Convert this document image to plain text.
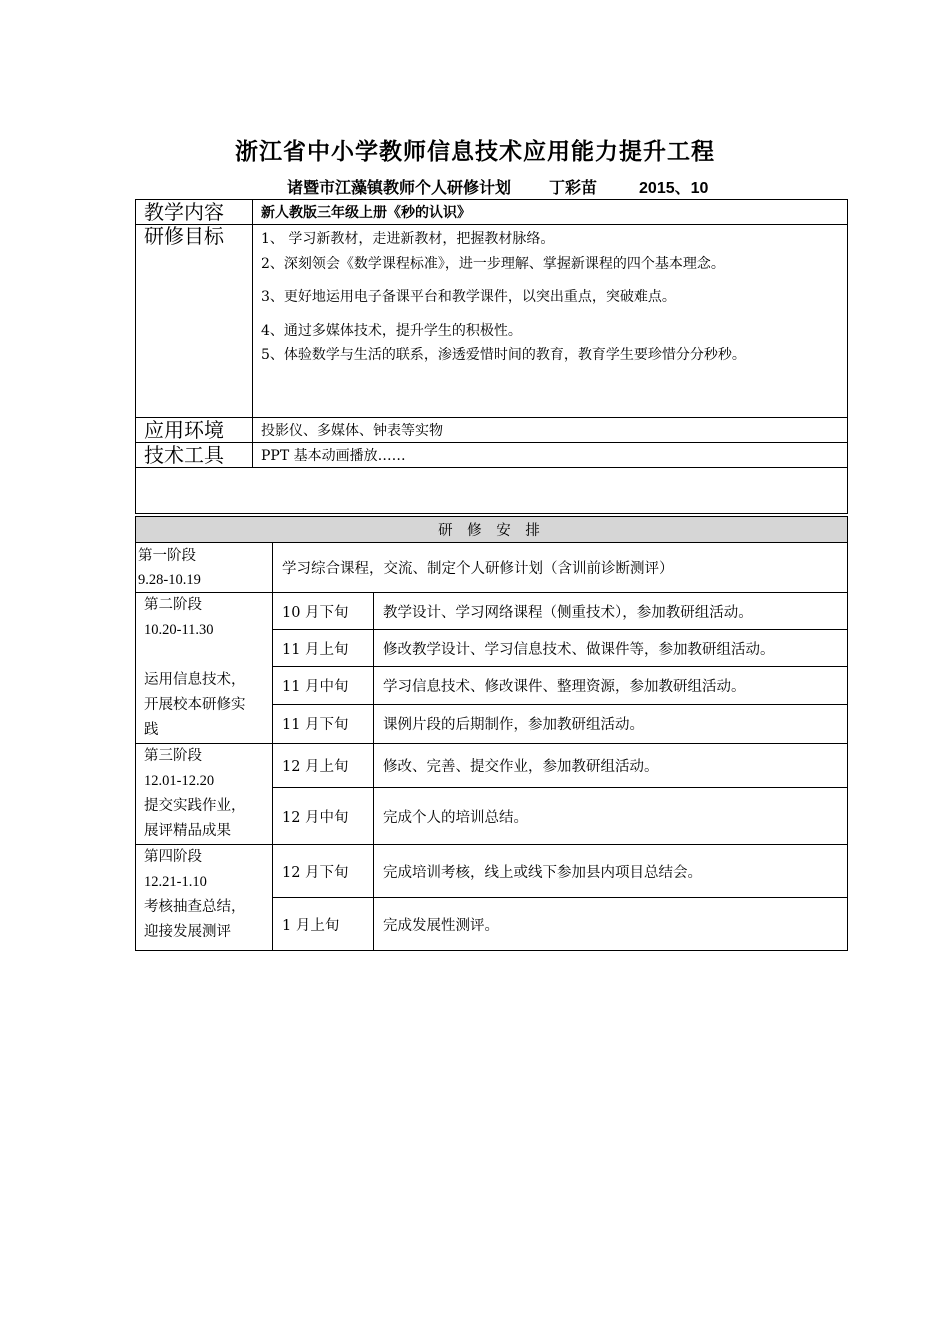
浙江省中小学教师信息技术应用能力提升工程
诸暨市江藻镇教师个人研修计划 丁彩苗	2015、10
教学内容	新人教版三年级上册《秒的认识》
研修目标	1、 学习新教材，走进新教材，把握教材脉络。
2、深刻领会《数学课程标准》，进一步理解、掌握新课程的四个基本理念。
3、更好地运用电子备课平台和教学课件，以突出重点，突破难点。
4、通过多媒体技术，提升学生的积极性。
5、体验数学与生活的联系，渗透爱惜时间的教育，教育学生要珍惜分分秒秒。

应用环境	投影仪、多媒体、钟表等实物
技术工具	PPT 基本动画播放……

研 修 安 排		

第一阶段
9.28-10.19	学习综合课程，交流、制定个人研修计划（含训前诊断测评）	

第二阶段
10.20-11.30
运用信息技术，
开展校本研修实
践	10 月下旬	教学设计、学习网络课程（侧重技术），参加教研组活动。
	11 月上旬	修改教学设计、学习信息技术、做课件等，参加教研组活动。
	11 月中旬	学习信息技术、修改课件、整理资源，参加教研组活动。
	11 月下旬	课例片段的后期制作，参加教研组活动。

第三阶段
12.01-12.20
提交实践作业，
展评精品成果	12 月上旬	修改、完善、提交作业，参加教研组活动。
	12 月中旬	完成个人的培训总结。

第四阶段
12.21-1.10
考核抽查总结，
迎接发展测评	12 月下旬	完成培训考核，线上或线下参加县内项目总结会。
	1 月上旬	完成发展性测评。
